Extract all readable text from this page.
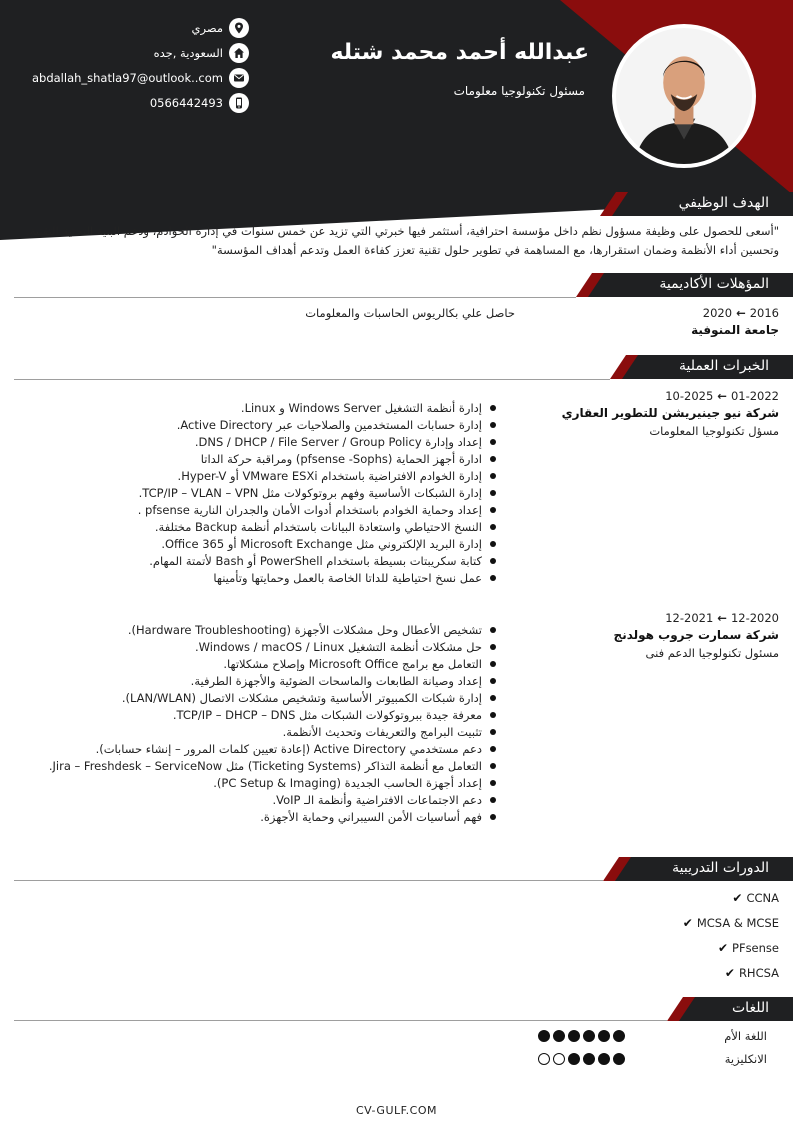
عبدالله أحمد محمد شتله
مسئول تكنولوجيا معلومات
مصري
السعودية ,جده
abdallah_shatla97@outlook..com
0566442493
الهدف الوظيفي
"أسعى للحصول على وظيفة مسؤول نظم داخل مؤسسة احترافية، أستثمر فيها خبرتي التي تزيد عن خمس سنوات في إدارة الخوادم، ودعم البنية التحتية التقنية، وتحسين أداء الأنظمة وضمان استقرارها، مع المساهمة في تطوير حلول تقنية تعزز كفاءة العمل وتدعم أهداف المؤسسة"
المؤهلات الأكاديمية
2020 ← 2016
حاصل علي بكالريوس الحاسبات والمعلومات
جامعة المنوفية
الخبرات العملية
10-2025 ← 01-2022
شركة نيو جينيريشن للتطوير العقاري
مسؤل تكنولوجيا المعلومات
إدارة أنظمة التشغيل Windows Server و Linux.
إدارة حسابات المستخدمين والصلاحيات عبر Active Directory.
إعداد وإدارة DNS / DHCP / File Server / Group Policy.
ادارة أجهز الحماية (pfsense -Sophs) ومراقبة حركة الداتا
إدارة الخوادم الافتراضية باستخدام VMware ESXi أو Hyper-V.
إدارة الشبكات الأساسية وفهم بروتوكولات مثل TCP/IP – VLAN – VPN.
إعداد وحماية الخوادم باستخدام أدوات الأمان والجدران النارية pfsense .
النسخ الاحتياطي واستعادة البيانات باستخدام أنظمة Backup مختلفة.
إدارة البريد الإلكتروني مثل Microsoft Exchange أو Office 365.
كتابة سكريبتات بسيطة باستخدام PowerShell أو Bash لأتمتة المهام.
عمل نسخ احتياطية للداتا الخاصة بالعمل وحمايتها وتأمينها
12-2021 ← 12-2020
شركة سمارت جروب هولدنج
مسئول تكنولوجيا الدعم فنى
تشخيص الأعطال وحل مشكلات الأجهزة (Hardware Troubleshooting).
حل مشكلات أنظمة التشغيل Windows / macOS / Linux.
التعامل مع برامج Microsoft Office وإصلاح مشكلاتها.
إعداد وصيانة الطابعات والماسحات الضوئية والأجهزة الطرفية.
إدارة شبكات الكمبيوتر الأساسية وتشخيص مشكلات الاتصال (LAN/WLAN).
معرفة جيدة ببروتوكولات الشبكات مثل TCP/IP – DHCP – DNS.
تثبيت البرامج والتعريفات وتحديث الأنظمة.
دعم مستخدمي Active Directory (إعادة تعيين كلمات المرور – إنشاء حسابات).
التعامل مع أنظمة التذاكر (Ticketing Systems) مثل Jira – Freshdesk – ServiceNow.
إعداد أجهزة الحاسب الجديدة (PC Setup & Imaging).
دعم الاجتماعات الافتراضية وأنظمة الـ VoIP.
فهم أساسيات الأمن السيبراني وحماية الأجهزة.
الدورات التدريبية
✔ CCNA
✔ MCSA & MCSE
✔ PFsense
✔ RHCSA
اللغات
اللغة الأم
الانكليزية
CV-GULF.COM
